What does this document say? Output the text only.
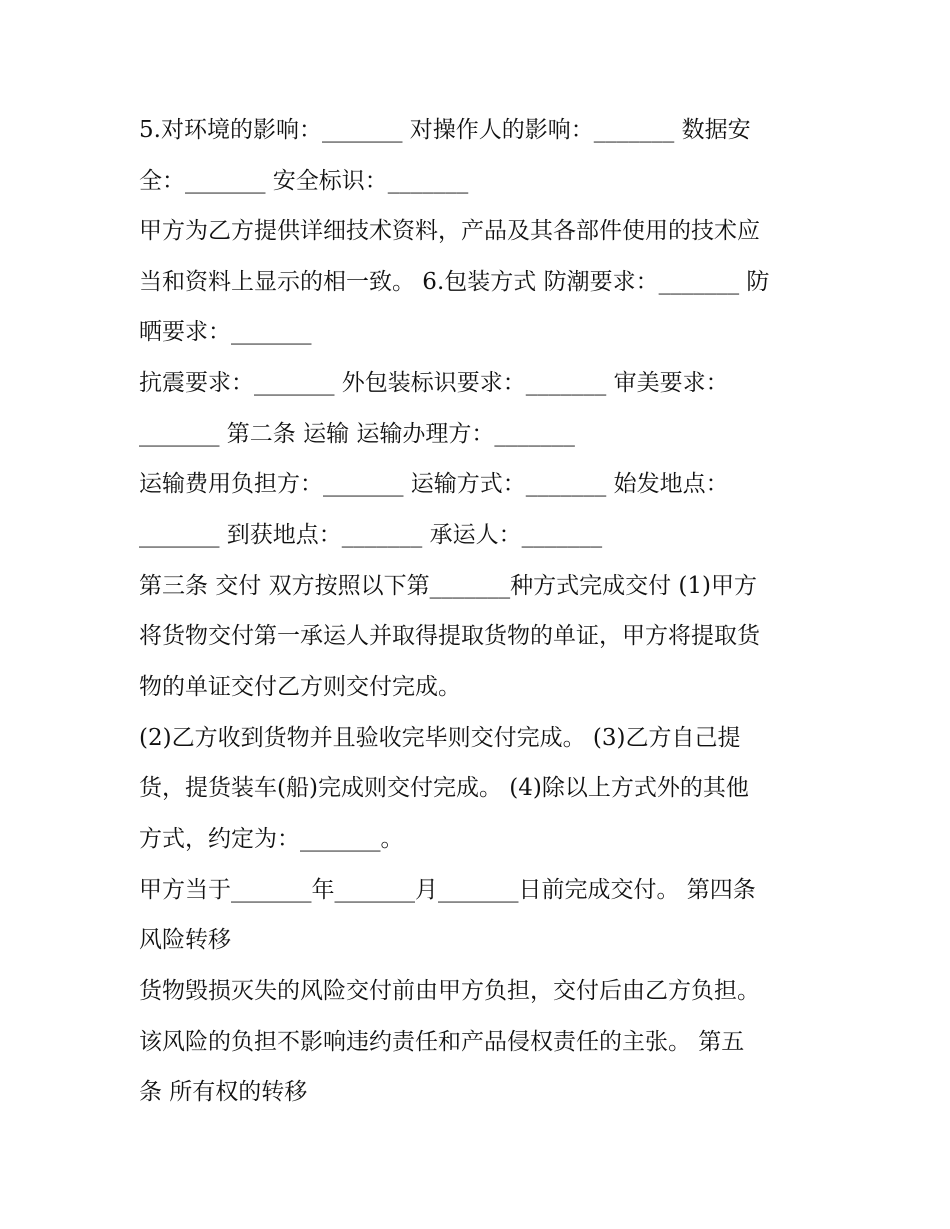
5.对环境的影响：_______ 对操作人的影响：_______ 数据安
全：_______ 安全标识：_______
甲方为乙方提供详细技术资料，产品及其各部件使用的技术应
当和资料上显示的相一致。 6.包装方式 防潮要求：_______ 防
晒要求：_______
抗震要求：_______ 外包装标识要求：_______ 审美要求：
_______ 第二条 运输 运输办理方：_______
运输费用负担方：_______ 运输方式：_______ 始发地点：
_______ 到获地点：_______ 承运人：_______
第三条 交付 双方按照以下第_______种方式完成交付 (1)甲方
将货物交付第一承运人并取得提取货物的单证，甲方将提取货
物的单证交付乙方则交付完成。
(2)乙方收到货物并且验收完毕则交付完成。 (3)乙方自己提
货，提货装车(船)完成则交付完成。 (4)除以上方式外的其他
方式，约定为：_______。
甲方当于_______年_______月_______日前完成交付。 第四条
风险转移
货物毁损灭失的风险交付前由甲方负担，交付后由乙方负担。
该风险的负担不影响违约责任和产品侵权责任的主张。 第五
条 所有权的转移
